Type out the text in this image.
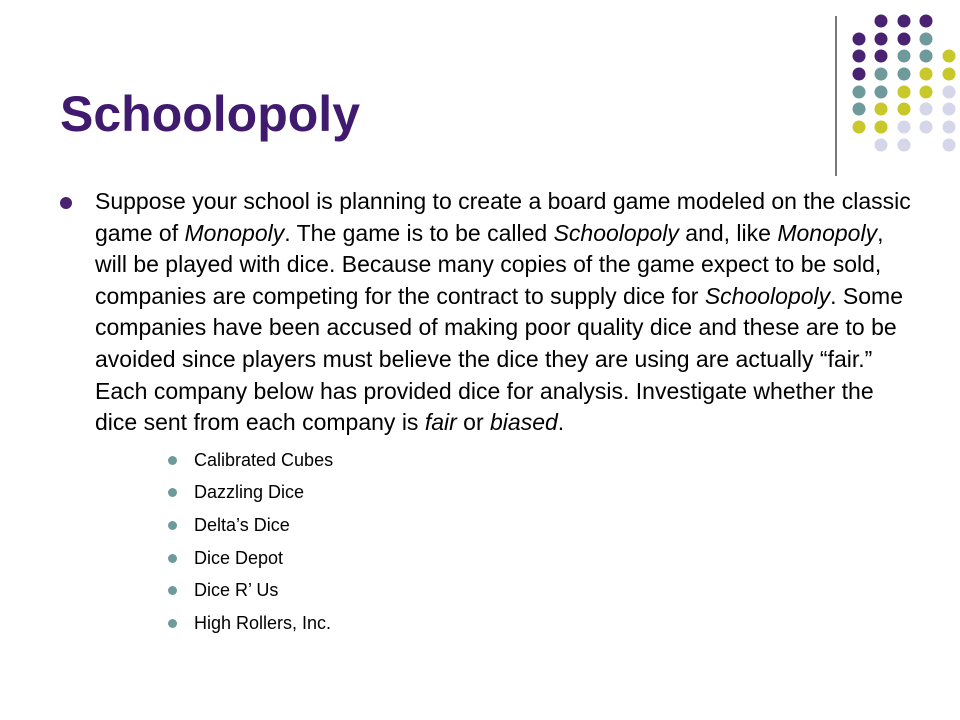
Schoolopoly
Suppose your school is planning to create a board game modeled on the classic game of Monopoly. The game is to be called Schoolopoly and, like Monopoly, will be played with dice. Because many copies of the game expect to be sold, companies are competing for the contract to supply dice for Schoolopoly. Some companies have been accused of making poor quality dice and these are to be avoided since players must believe the dice they are using are actually “fair.” Each company below has provided dice for analysis. Investigate whether the dice sent from each company is fair or biased.
Calibrated Cubes
Dazzling Dice
Delta’s Dice
Dice Depot
Dice R’ Us
High Rollers, Inc.
